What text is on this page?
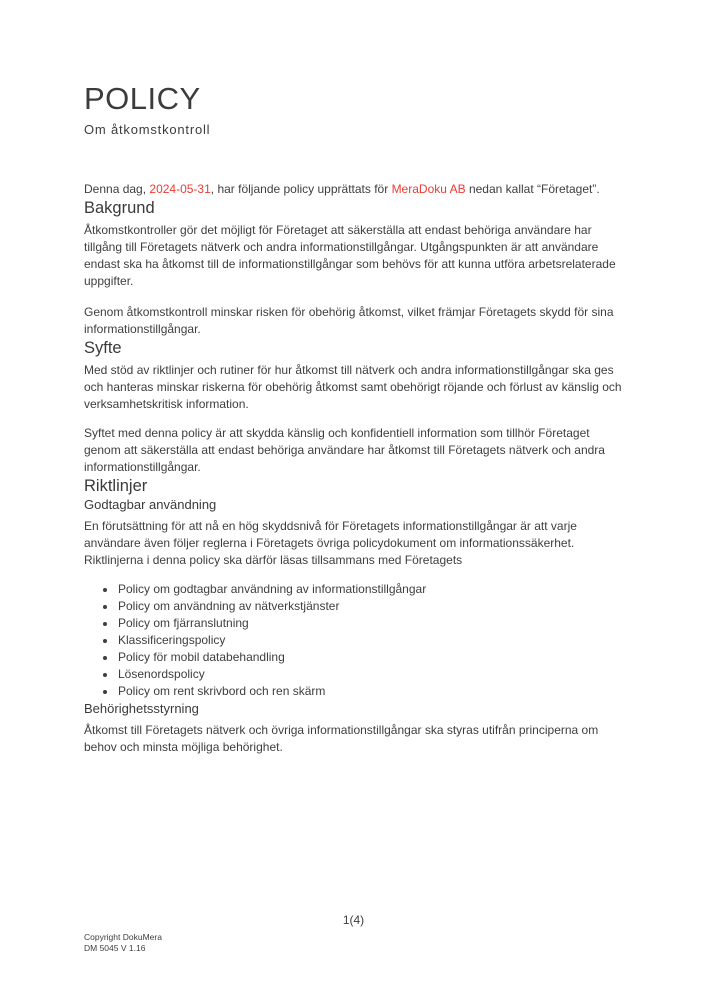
POLICY
Om åtkomstkontroll

Denna dag, 2024-05-31, har följande policy upprättats för MeraDoku AB nedan kallat “Företaget”.

Bakgrund

Åtkomstkontroller gör det möjligt för Företaget att säkerställa att endast behöriga användare har tillgång till Företagets nätverk och andra informationstillgångar. Utgångspunkten är att användare endast ska ha åtkomst till de informationstillgångar som behövs för att kunna utföra arbetsrelaterade uppgifter.

Genom åtkomstkontroll minskar risken för obehörig åtkomst, vilket främjar Företagets skydd för sina informationstillgångar.

Syfte

Med stöd av riktlinjer och rutiner för hur åtkomst till nätverk och andra informationstillgångar ska ges och hanteras minskar riskerna för obehörig åtkomst samt obehörigt röjande och förlust av känslig och verksamhetskritisk information.

Syftet med denna policy är att skydda känslig och konfidentiell information som tillhör Företaget genom att säkerställa att endast behöriga användare har åtkomst till Företagets nätverk och andra informationstillgångar.

Riktlinjer
Godtagbar användning

En förutsättning för att nå en hög skyddsnivå för Företagets informationstillgångar är att varje användare även följer reglerna i Företagets övriga policydokument om informationssäkerhet. Riktlinjerna i denna policy ska därför läsas tillsammans med Företagets

• Policy om godtagbar användning av informationstillgångar
• Policy om användning av nätverkstjänster
• Policy om fjärranslutning
• Klassificeringspolicy
• Policy för mobil databehandling
• Lösenordspolicy
• Policy om rent skrivbord och ren skärm
Behörighetsstyrning

Åtkomst till Företagets nätverk och övriga informationstillgångar ska styras utifrån principerna om behov och minsta möjliga behörighet.

1(4)
Copyright DokuMera
DM 5045 V 1.16
